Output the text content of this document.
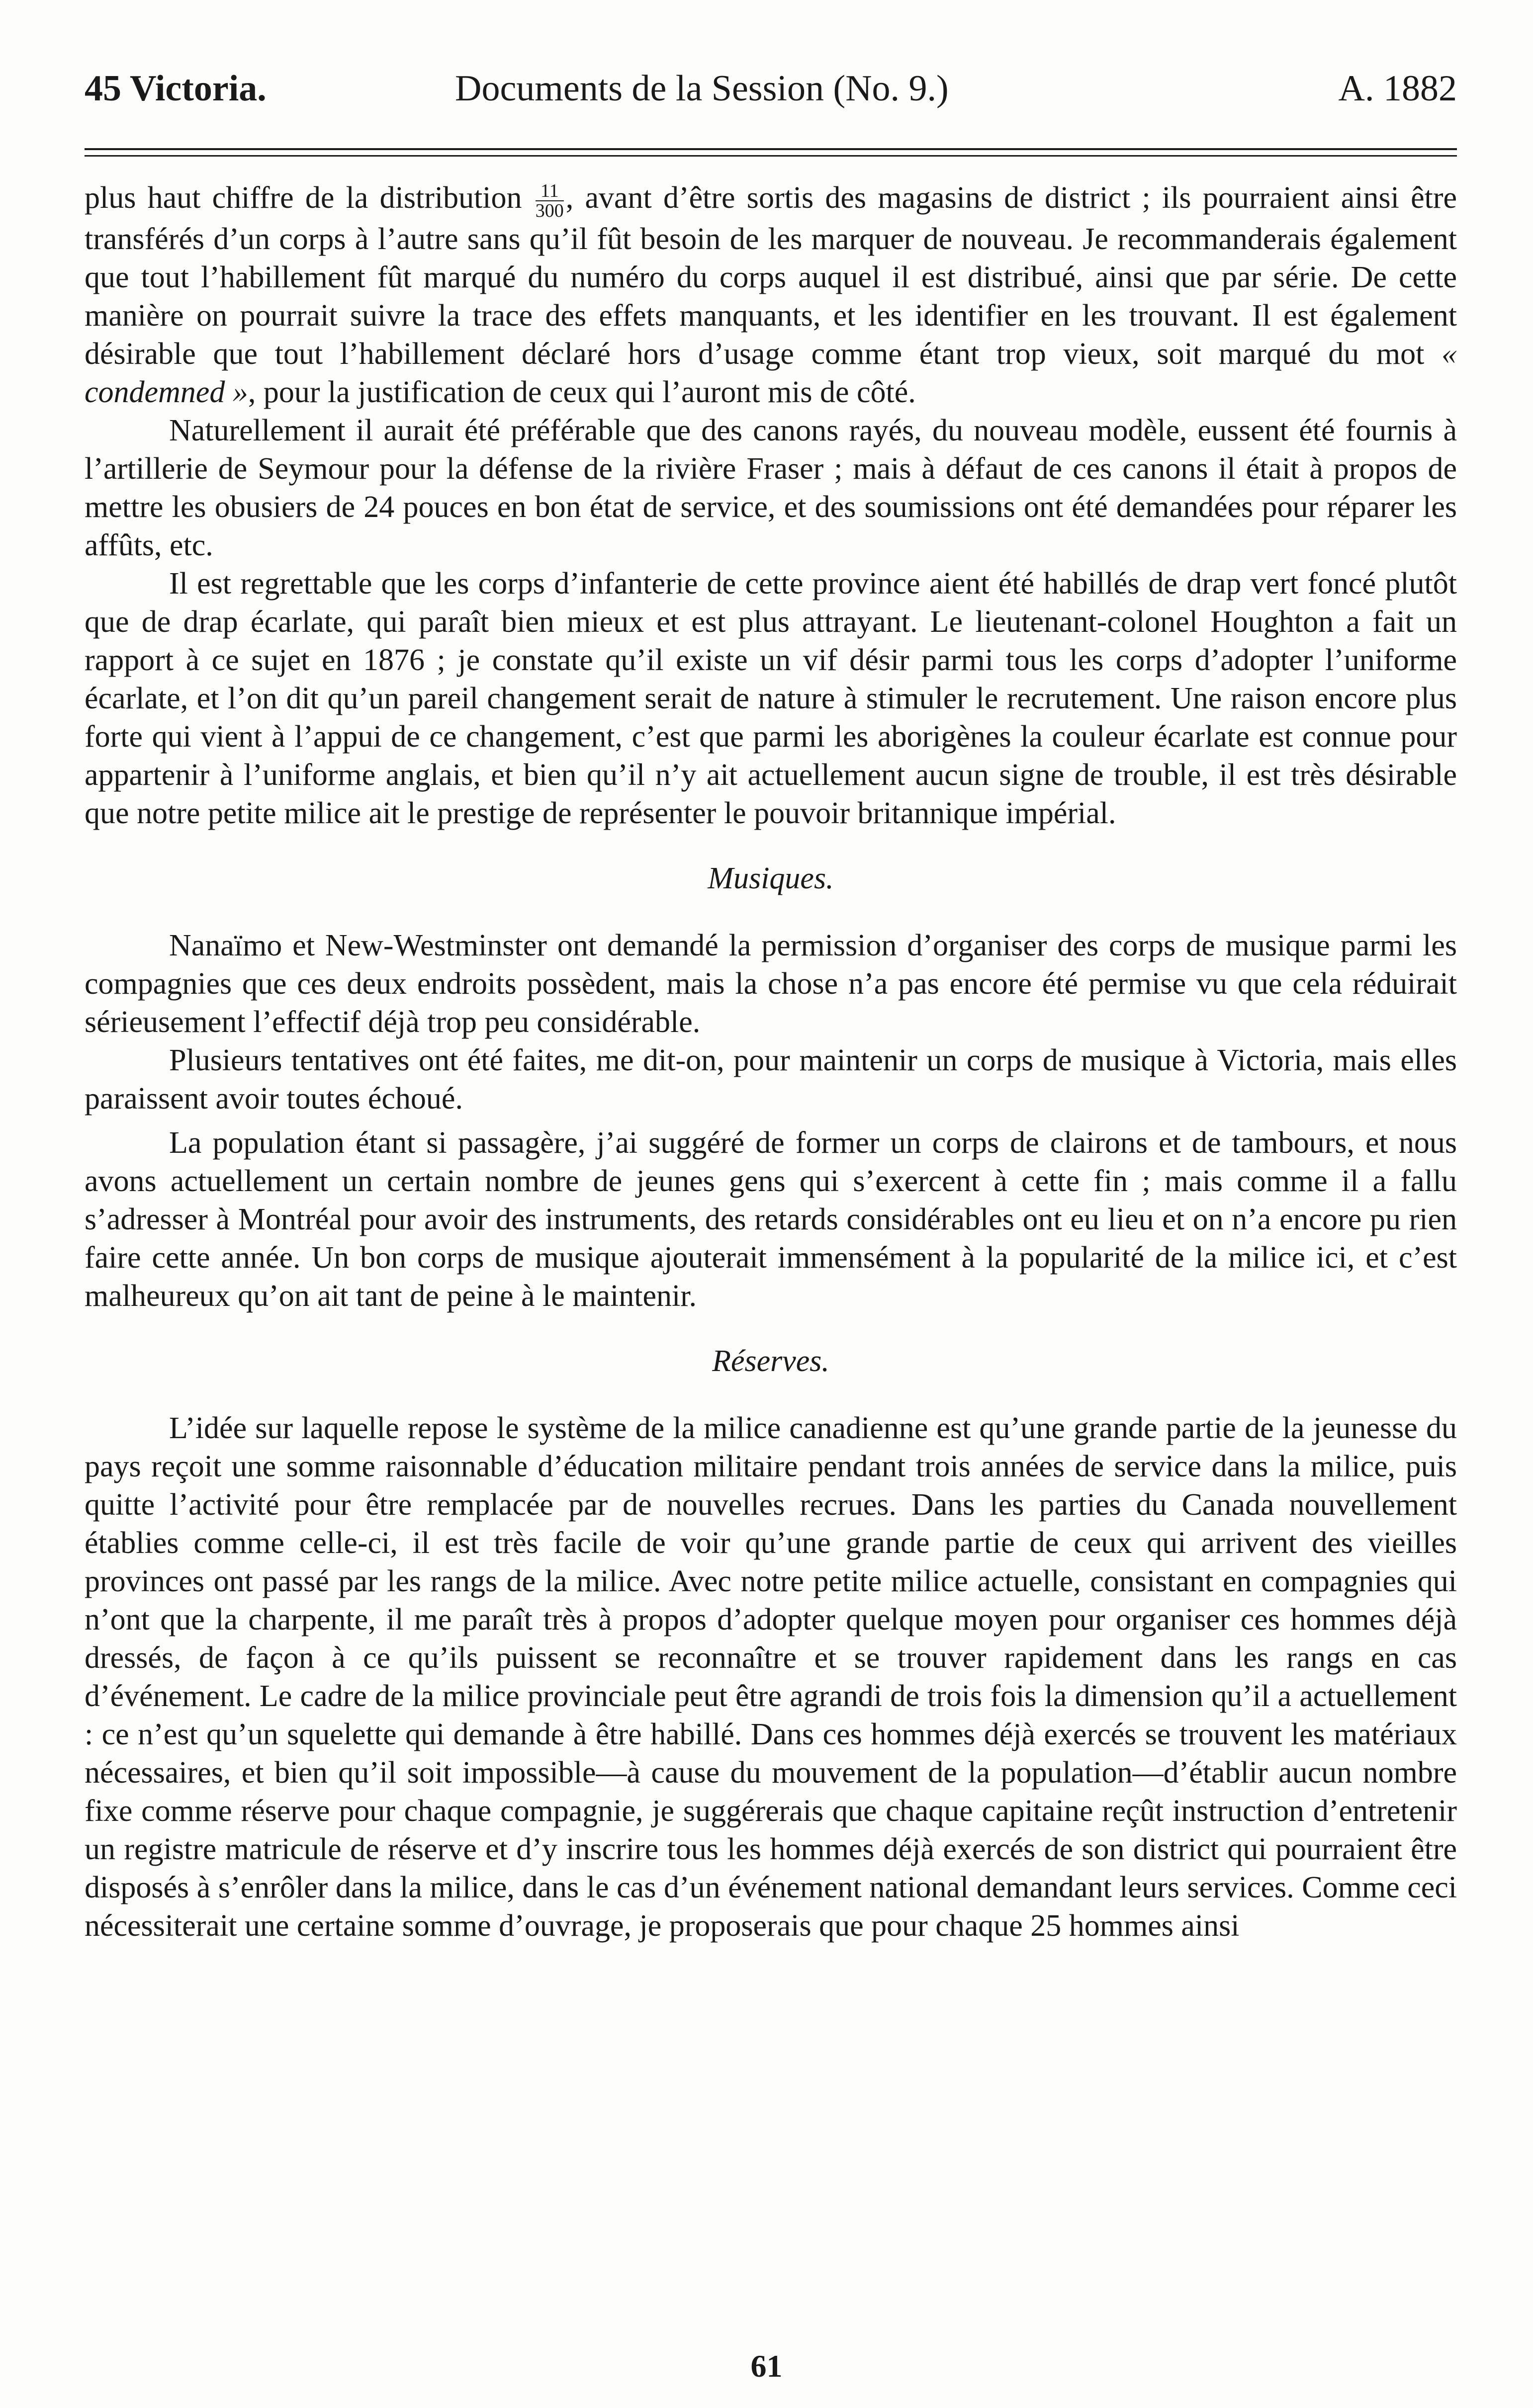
45 Victoria.	Documents de la Session (No. 9.)	A. 1882

plus haut chiffre de la distribution $\frac{11}{300}$ , avant d’être sortis des magasins de district ; ils pourraient ainsi être transférés d’un corps à l’autre sans qu’il fût besoin de les marquer de nouveau. Je recommanderais également que tout l’habillement fût marqué du numéro du corps auquel il est distribué, ainsi que par série. De cette manière on pourrait suivre la trace des effets manquants, et les identifier en les trouvant. Il est également désirable que tout l’habillement déclaré hors d’usage comme étant trop vieux, soit marqué du mot « condemned », pour la justification de ceux qui l’auront mis de côté.

Naturellement il aurait été préférable que des canons rayés, du nouveau modèle, eussent été fournis à l’artillerie de Seymour pour la défense de la rivière Fraser ; mais à défaut de ces canons il était à propos de mettre les obusiers de 24 pouces en bon état de service, et des soumissions ont été demandées pour réparer les affûts, etc.

Il est regrettable que les corps d’infanterie de cette province aient été habillés de drap vert foncé plutôt que de drap écarlate, qui paraît bien mieux et est plus attrayant. Le lieutenant-colonel Houghton a fait un rapport à ce sujet en 1876 ; je constate qu’il existe un vif désir parmi tous les corps d’adopter l’uniforme écarlate, et l’on dit qu’un pareil changement serait de nature à stimuler le recrutement. Une raison encore plus forte qui vient à l’appui de ce changement, c’est que parmi les aborigènes la couleur écarlate est connue pour appartenir à l’uniforme anglais, et bien qu’il n’y ait actuellement aucun signe de trouble, il est très désirable que notre petite milice ait le prestige de représenter le pouvoir britannique impérial.

Musiques.

Nanaïmo et New-Westminster ont demandé la permission d’organiser des corps de musique parmi les compagnies que ces deux endroits possèdent, mais la chose n’a pas encore été permise vu que cela réduirait sérieusement l’effectif déjà trop peu considérable.

Plusieurs tentatives ont été faites, me dit-on, pour maintenir un corps de musique à Victoria, mais elles paraissent avoir toutes échoué.

La population étant si passagère, j’ai suggéré de former un corps de clairons et de tambours, et nous avons actuellement un certain nombre de jeunes gens qui s’exercent à cette fin ; mais comme il a fallu s’adresser à Montréal pour avoir des instruments, des retards considérables ont eu lieu et on n’a encore pu rien faire cette année. Un bon corps de musique ajouterait immensément à la popularité de la milice ici, et c’est malheureux qu’on ait tant de peine à le maintenir.

Réserves.

L’idée sur laquelle repose le système de la milice canadienne est qu’une grande partie de la jeunesse du pays reçoit une somme raisonnable d’éducation militaire pendant trois années de service dans la milice, puis quitte l’activité pour être remplacée par de nouvelles recrues. Dans les parties du Canada nouvellement établies comme celle-ci, il est très facile de voir qu’une grande partie de ceux qui arrivent des vieilles provinces ont passé par les rangs de la milice. Avec notre petite milice actuelle, consistant en compagnies qui n’ont que la charpente, il me paraît très à propos d’adopter quelque moyen pour organiser ces hommes déjà dressés, de façon à ce qu’ils puissent se reconnaître et se trouver rapidement dans les rangs en cas d’événement. Le cadre de la milice provinciale peut être agrandi de trois fois la dimension qu’il a actuellement : ce n’est qu’un squelette qui demande à être habillé. Dans ces hommes déjà exercés se trouvent les matériaux nécessaires, et bien qu’il soit impossible—à cause du mouvement de la population—d’établir aucun nombre fixe comme réserve pour chaque compagnie, je suggérerais que chaque capitaine reçût instruction d’entretenir un registre matricule de réserve et d’y inscrire tous les hommes déjà exercés de son district qui pourraient être disposés à s’enrôler dans la milice, dans le cas d’un événement national demandant leurs services. Comme ceci nécessiterait une certaine somme d’ouvrage, je proposerais que pour chaque 25 hommes ainsi

61
